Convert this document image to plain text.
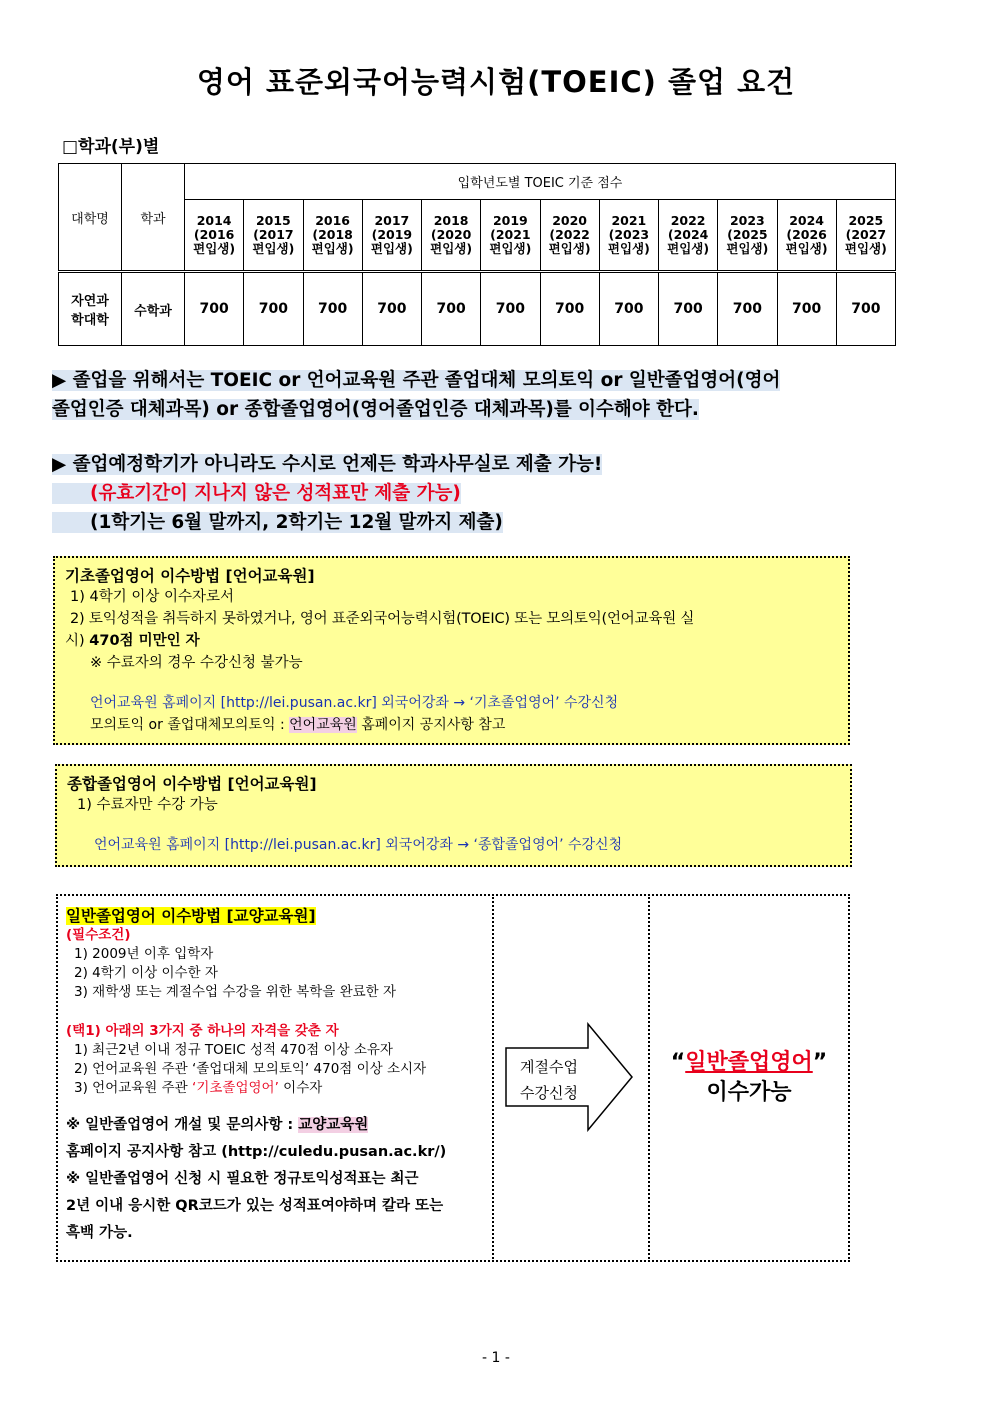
영어 표준외국어능력시험(TOEIC) 졸업 요건
□학과(부)별
대학명	학과	입학년도별 TOEIC 기준 점수											
		2014
(2016
편입생)	2015
(2017
편입생)	2016
(2018
편입생)	2017
(2019
편입생)	2018
(2020
편입생)	2019
(2021
편입생)	2020
(2022
편입생)	2021
(2023
편입생)	2022
(2024
편입생)	2023
(2025
편입생)	2024
(2026
편입생)	2025
(2027
편입생)
자연과
학대학	수학과	700	700	700	700	700	700	700	700	700	700	700	700
▶ 졸업을 위해서는 TOEIC or 언어교육원 주관 졸업대체 모의토익 or 일반졸업영어(영어
졸업인증 대체과목) or 종합졸업영어(영어졸업인증 대체과목)를 이수해야 한다.
▶ 졸업예정학기가 아니라도 수시로 언제든 학과사무실로 제출 가능!
(유효기간이 지나지 않은 성적표만 제출 가능)
(1학기는 6월 말까지, 2학기는 12월 말까지 제출)
기초졸업영어 이수방법 [언어교육원]
1) 4학기 이상 이수자로서
2) 토익성적을 취득하지 못하였거나, 영어 표준외국어능력시험(TOEIC) 또는 모의토익(언어교육원 실
시) 470점 미만인 자
※ 수료자의 경우 수강신청 불가능
언어교육원 홈페이지 [http://lei.pusan.ac.kr] 외국어강좌 → ‘기초졸업영어’ 수강신청
모의토익 or 졸업대체모의토익 : 언어교육원 홈페이지 공지사항 참고
종합졸업영어 이수방법 [언어교육원]
1) 수료자만 수강 가능
언어교육원 홈페이지 [http://lei.pusan.ac.kr] 외국어강좌 → ‘종합졸업영어’ 수강신청
일반졸업영어 이수방법 [교양교육원]
(필수조건)
1) 2009년 이후 입학자
2) 4학기 이상 이수한 자
3) 재학생 또는 계절수업 수강을 위한 복학을 완료한 자
(택1) 아래의 3가지 중 하나의 자격을 갖춘 자
1) 최근2년 이내 정규 TOEIC 성적 470점 이상 소유자
2) 언어교육원 주관 ‘졸업대체 모의토익’ 470점 이상 소시자
3) 언어교육원 주관 ‘기초졸업영어’ 이수자
※ 일반졸업영어 개설 및 문의사항 : 교양교육원
홈페이지 공지사항 참고 (http://culedu.pusan.ac.kr/)
※ 일반졸업영어 신청 시 필요한 정규토익성적표는 최근
2년 이내 응시한 QR코드가 있는 성적표여야하며 칼라 또는
흑백 가능.
계절수업
수강신청
“일반졸업영어”
이수가능
- 1 -
